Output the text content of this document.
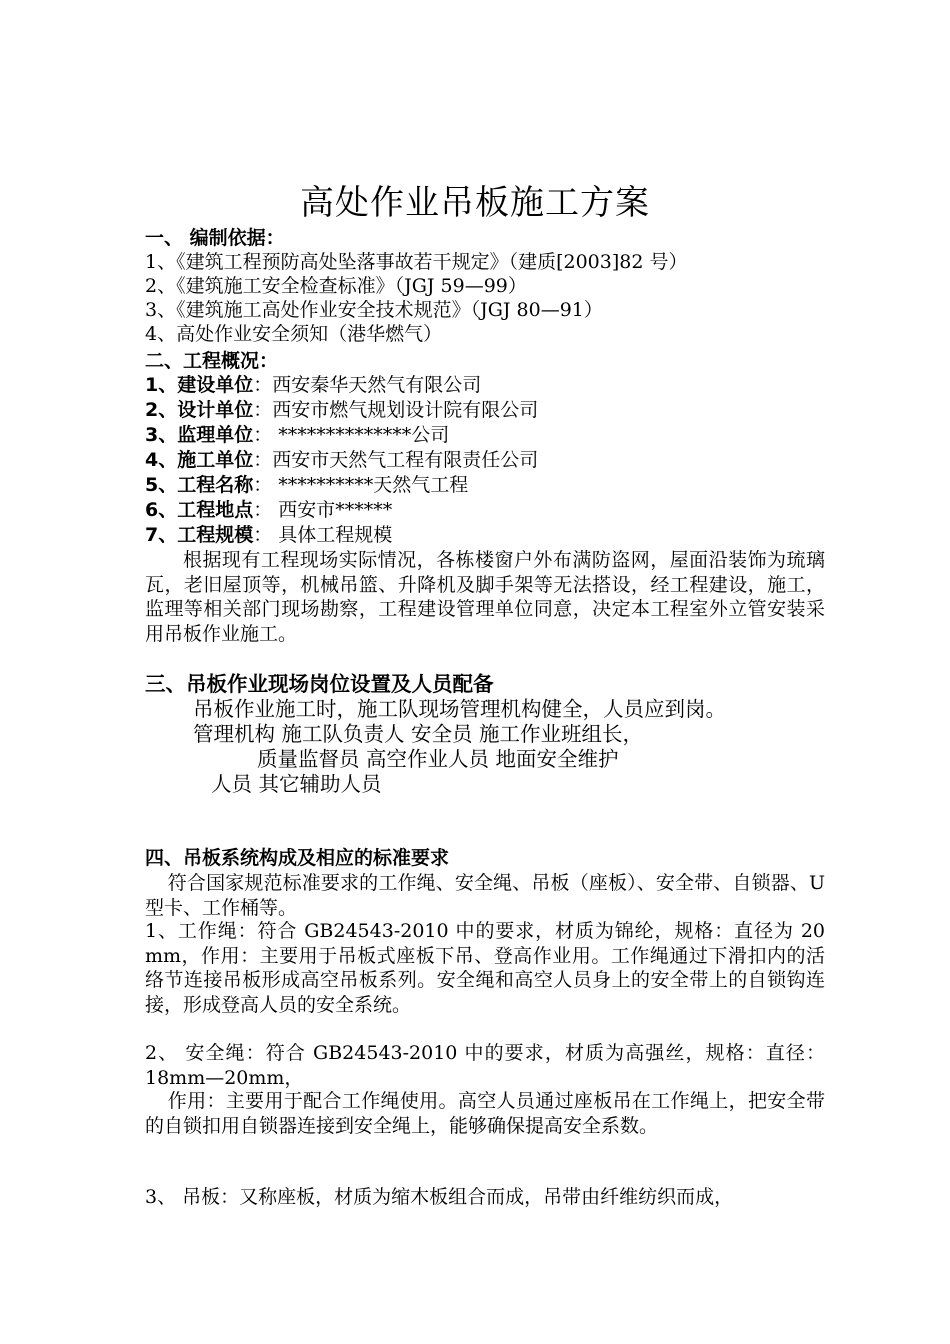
高处作业吊板施工方案
一、 编制依据：
1、《建筑工程预防高处坠落事故若干规定》（建质[2003]82 号）
2、《建筑施工安全检查标准》（JGJ 59—99）
3、《建筑施工高处作业安全技术规范》（JGJ 80—91）
4、高处作业安全须知（港华燃气）
二、工程概况：
1、建设单位：西安秦华天然气有限公司
2、设计单位：西安市燃气规划设计院有限公司
3、监理单位： **************公司
4、施工单位：西安市天然气工程有限责任公司
5、工程名称： **********天然气工程
6、工程地点： 西安市******
7、工程规模： 具体工程规模
根据现有工程现场实际情况，各栋楼窗户外布满防盗网，屋面沿装饰为琉璃瓦，老旧屋顶等，机械吊篮、升降机及脚手架等无法搭设，经工程建设，施工，监理等相关部门现场勘察，工程建设管理单位同意，决定本工程室外立管安装采用吊板作业施工。
三、吊板作业现场岗位设置及人员配备
吊板作业施工时，施工队现场管理机构健全，人员应到岗。
管理机构 施工队负责人 安全员 施工作业班组长，
质量监督员 高空作业人员 地面安全维护
人员 其它辅助人员
四、吊板系统构成及相应的标准要求
符合国家规范标准要求的工作绳、安全绳、吊板（座板）、安全带、自锁器、U 型卡、工作桶等。
1、工作绳：符合 GB24543-2010 中的要求，材质为锦纶，规格：直径为 20 mm，作用：主要用于吊板式座板下吊、登高作业用。工作绳通过下滑扣内的活络节连接吊板形成高空吊板系列。安全绳和高空人员身上的安全带上的自锁钩连接，形成登高人员的安全系统。
2、 安全绳：符合 GB24543-2010 中的要求，材质为高强丝，规格：直径：18mm—20mm，
作用：主要用于配合工作绳使用。高空人员通过座板吊在工作绳上，把安全带的自锁扣用自锁器连接到安全绳上，能够确保提高安全系数。
3、 吊板：又称座板，材质为缩木板组合而成，吊带由纤维纺织而成，
